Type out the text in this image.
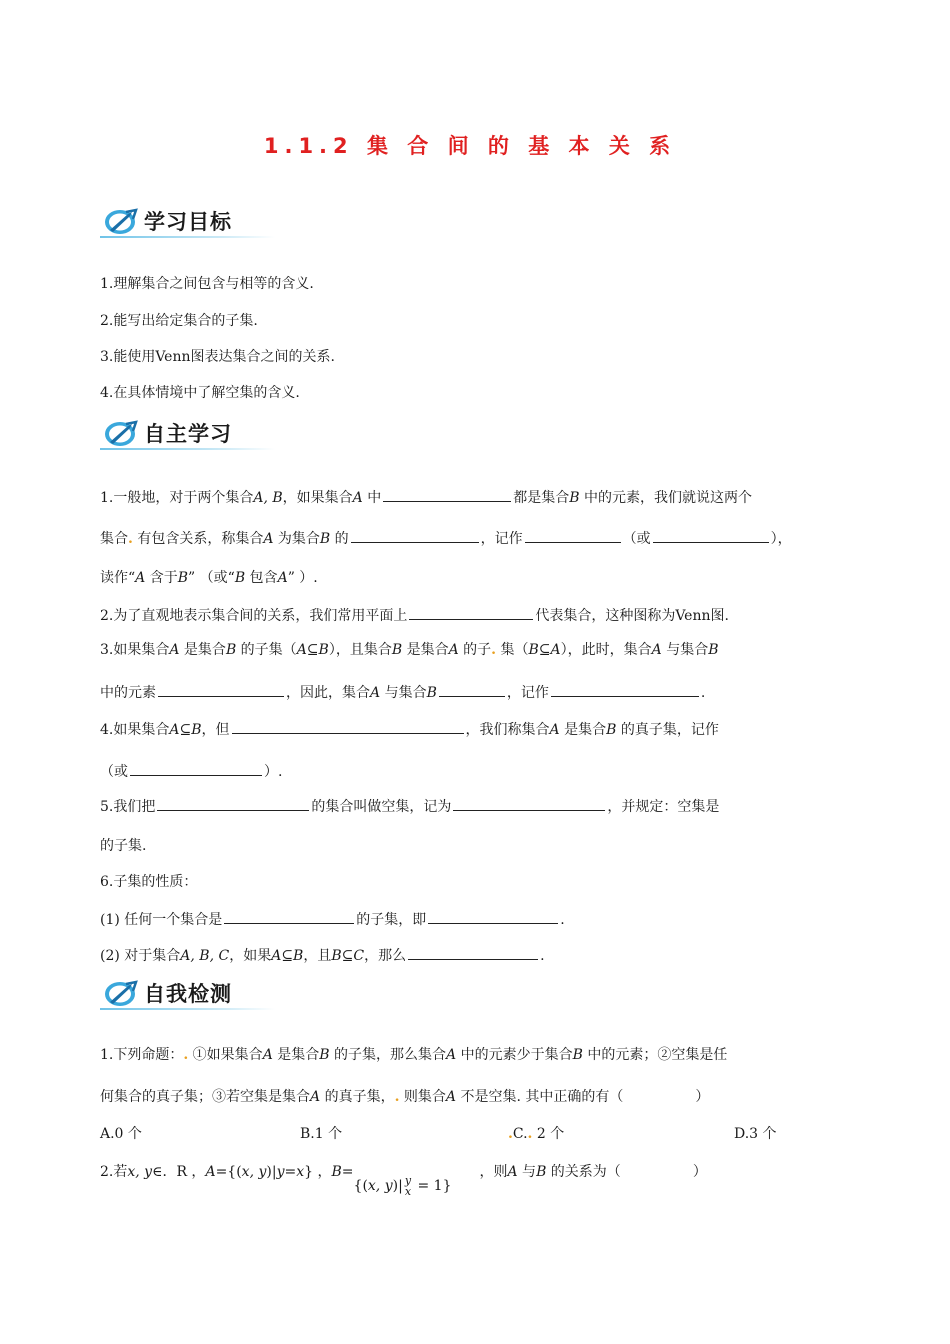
1.1.2 集 合 间 的 基 本 关 系
学习目标
1.理解集合之间包含与相等的含义.
2.能写出给定集合的子集.
3.能使用Venn图表达集合之间的关系.
4.在具体情境中了解空集的含义.
自主学习
1.一般地，对于两个集合A, B，如果集合A 中	都是集合B 中的元素，我们就说这两个
集合. 有包含关系，称集合A 为集合B 的	，记作	（或	），
读作“A 含于B” （或“B 包含A” ）.
2.为了直观地表示集合间的关系，我们常用平面上	代表集合，这种图称为Venn图.
3.如果集合A 是集合B 的子集（A⊆B），且集合B 是集合A 的子. 集（B⊆A），此时，集合A 与集合B
中的元素	，因此，集合A 与集合B	，记作	.
4.如果集合A⊆B，但	，我们称集合A 是集合B 的真子集，记作
（或	）.
5.我们把	的集合叫做空集，记为	，并规定：空集是
的子集.
6.子集的性质：
(1) 任何一个集合是	的子集，即	.
(2) 对于集合A, B, C，如果A⊆B，且B⊆C，那么	.
自我检测
1.下列命题：. ①如果集合A 是集合B 的子集，那么集合A 中的元素少于集合B 中的元素；②空集是任
何集合的真子集；③若空集是集合A 的真子集，. 则集合A 不是空集. 其中正确的有（	）
A.0 个	B.1 个	.C.. 2 个	D.3 个
2.若x, y∈．R ，A={(x, y)|y=x} ，B={(x, y)| y
x = 1}，则A 与B 的关系为（	）
